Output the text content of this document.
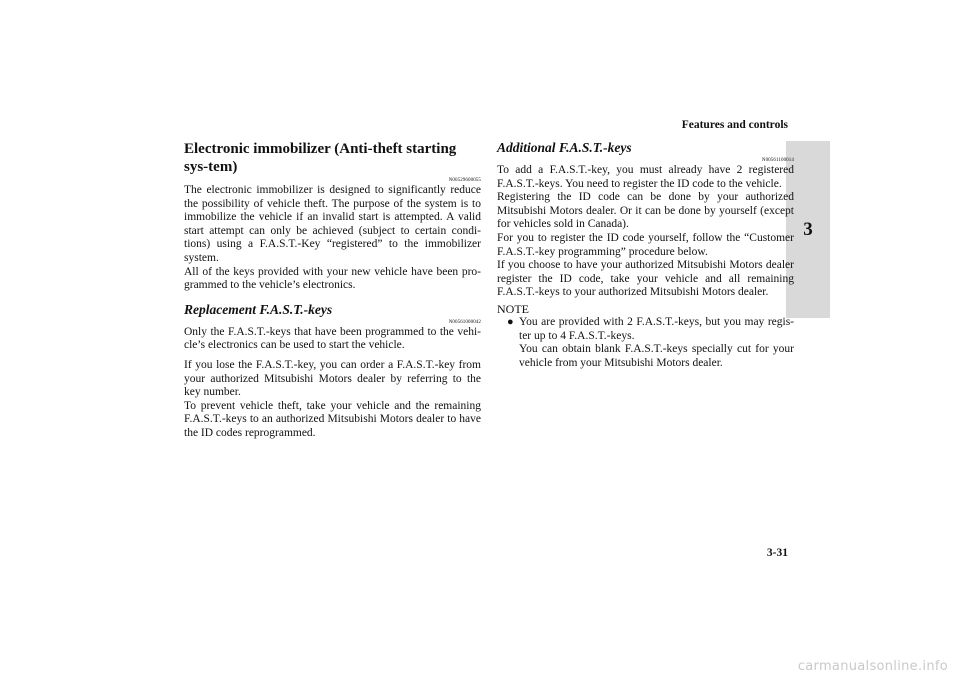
Features and controls
3
Electronic immobilizer (Anti-theft starting sys-tem)
N00529600055

The electronic immobilizer is designed to significantly reduce the possibility of vehicle theft. The purpose of the system is to immobilize the vehicle if an invalid start is attempted. A valid start attempt can only be achieved (subject to certain condi-tions) using a F.A.S.T.-Key “registered” to the immobilizer system.

All of the keys provided with your new vehicle have been pro-grammed to the vehicle’s electronics.

Replacement F.A.S.T.-keys
N00561000042

Only the F.A.S.T.-keys that have been programmed to the vehi-cle’s electronics can be used to start the vehicle.

If you lose the F.A.S.T.-key, you can order a F.A.S.T.-key from your authorized Mitsubishi Motors dealer by referring to the key number.

To prevent vehicle theft, take your vehicle and the remaining F.A.S.T.-keys to an authorized Mitsubishi Motors dealer to have the ID codes reprogrammed.

Additional F.A.S.T.-keys
N00561100014

To add a F.A.S.T.-key, you must already have 2 registered F.A.S.T.-keys. You need to register the ID code to the vehicle.

Registering the ID code can be done by your authorized Mitsubishi Motors dealer. Or it can be done by yourself (except for vehicles sold in Canada).

For you to register the ID code yourself, follow the “Customer F.A.S.T.-key programming” procedure below.

If you choose to have your authorized Mitsubishi Motors dealer register the ID code, take your vehicle and all remaining F.A.S.T.-keys to your authorized Mitsubishi Motors dealer.

NOTE
● You are provided with 2 F.A.S.T.-keys, but you may regis-ter up to 4 F.A.S.T.-keys.

You can obtain blank F.A.S.T.-keys specially cut for your vehicle from your Mitsubishi Motors dealer.

3-31
carmanualsonline.info
